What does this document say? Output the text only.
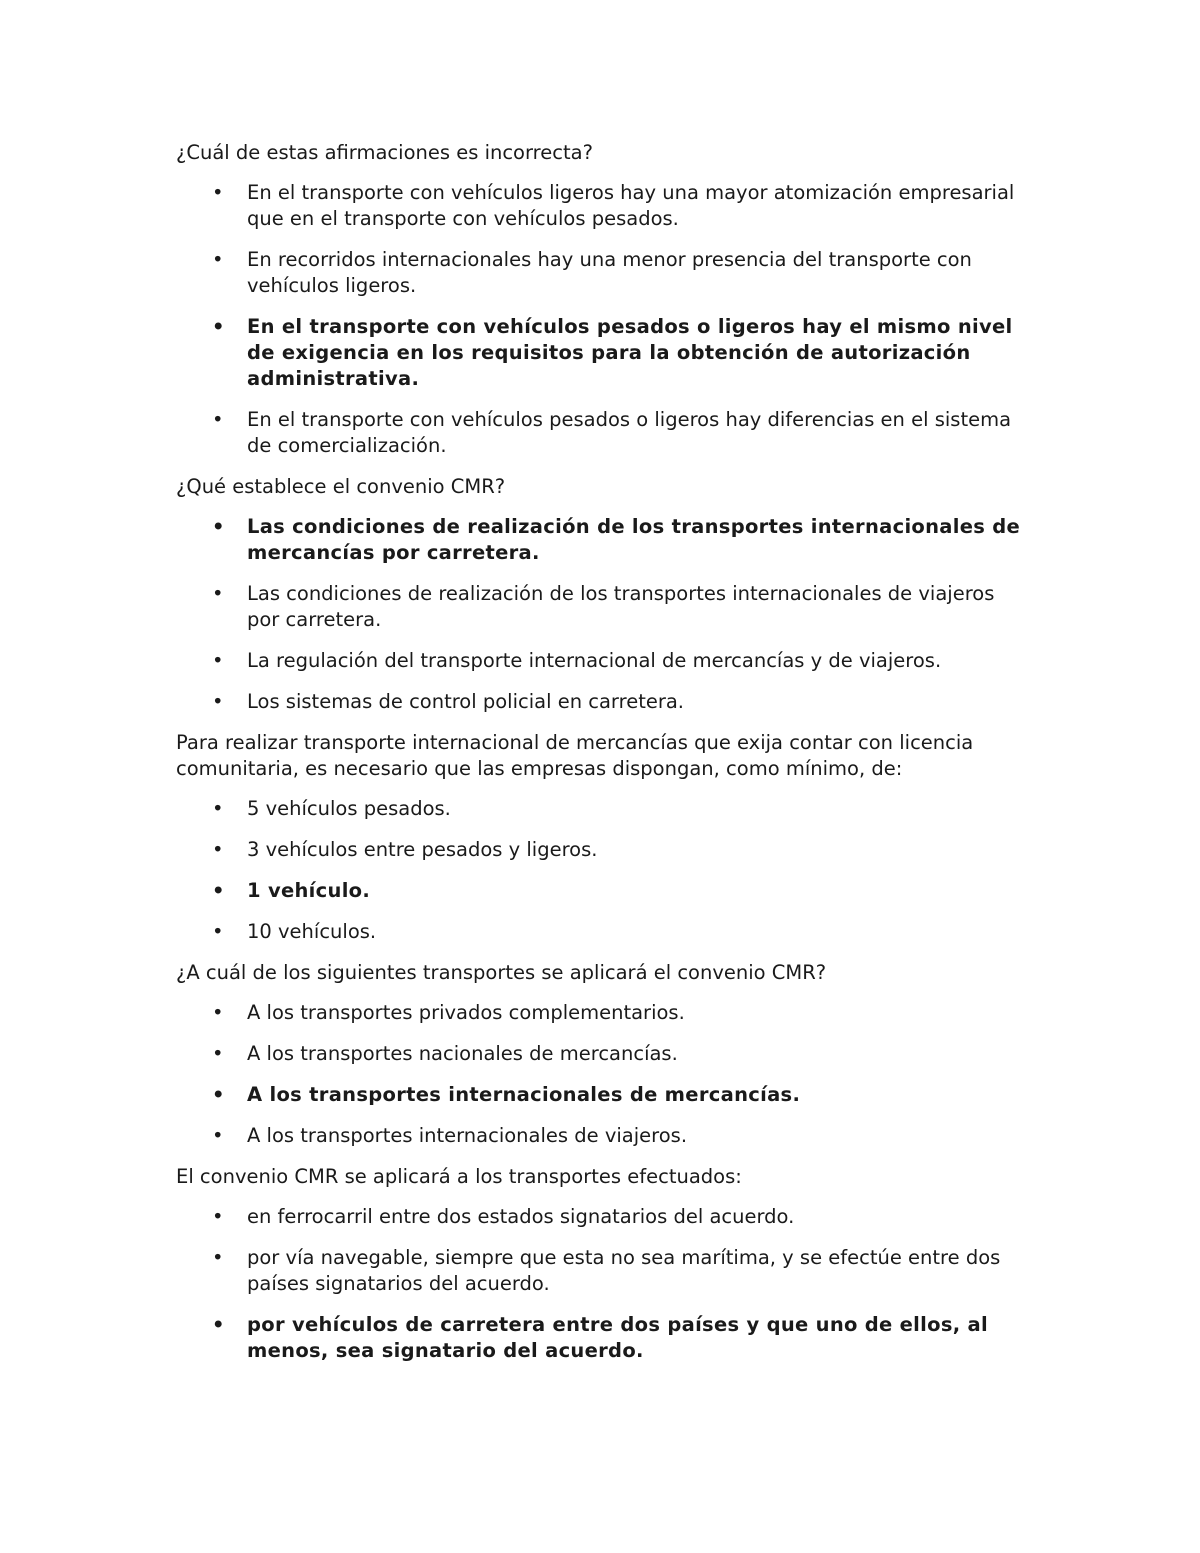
¿Cuál de estas afirmaciones es incorrecta?

•	En el transporte con vehículos ligeros hay una mayor atomización empresarial que en el transporte con vehículos pesados.
•	En recorridos internacionales hay una menor presencia del transporte con vehículos ligeros.
•	En el transporte con vehículos pesados o ligeros hay el mismo nivel de exigencia en los requisitos para la obtención de autorización administrativa.
•	En el transporte con vehículos pesados o ligeros hay diferencias en el sistema de comercialización.

¿Qué establece el convenio CMR?

•	Las condiciones de realización de los transportes internacionales de mercancías por carretera.
•	Las condiciones de realización de los transportes internacionales de viajeros por carretera.
•	La regulación del transporte internacional de mercancías y de viajeros.
•	Los sistemas de control policial en carretera.

Para realizar transporte internacional de mercancías que exija contar con licencia comunitaria, es necesario que las empresas dispongan, como mínimo, de:

•	5 vehículos pesados.
•	3 vehículos entre pesados y ligeros.
•	1 vehículo.
•	10 vehículos.

¿A cuál de los siguientes transportes se aplicará el convenio CMR?

•	A los transportes privados complementarios.
•	A los transportes nacionales de mercancías.
•	A los transportes internacionales de mercancías.
•	A los transportes internacionales de viajeros.

El convenio CMR se aplicará a los transportes efectuados:

•	en ferrocarril entre dos estados signatarios del acuerdo.
•	por vía navegable, siempre que esta no sea marítima, y se efectúe entre dos países signatarios del acuerdo.
•	por vehículos de carretera entre dos países y que uno de ellos, al menos, sea signatario del acuerdo.
